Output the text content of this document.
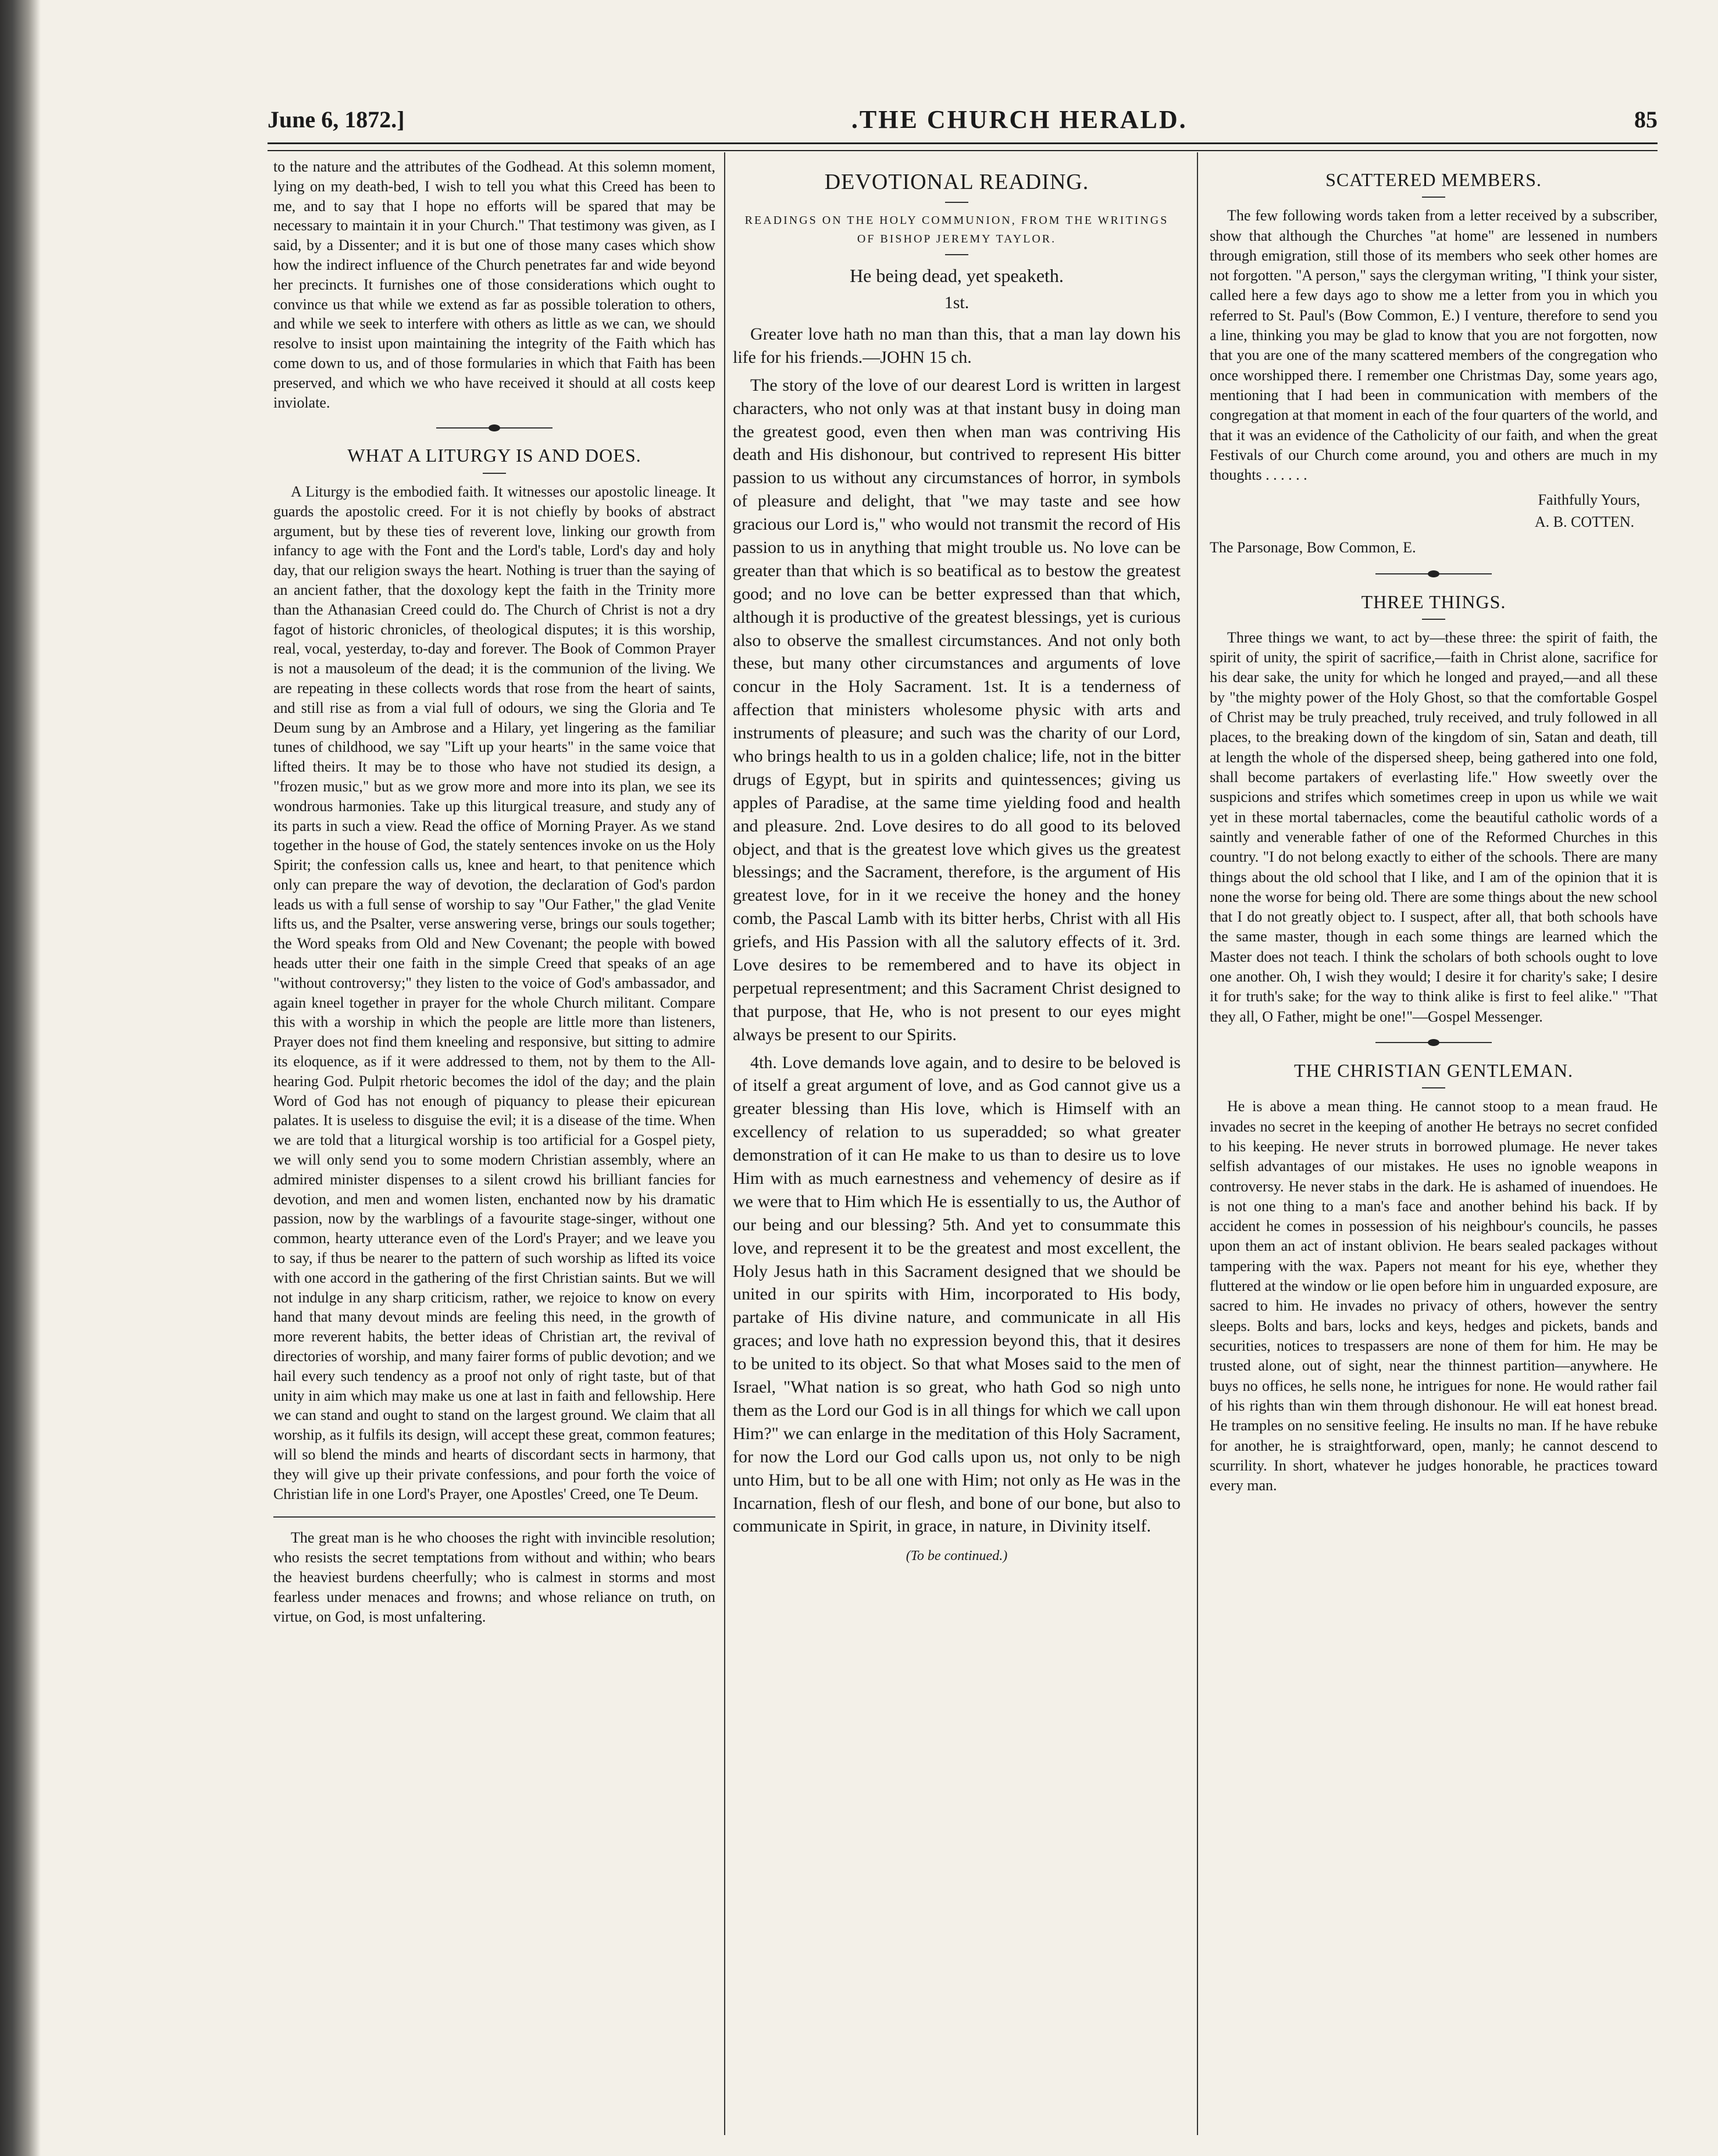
June 6, 1872.]	.THE CHURCH HERALD.	85

to the nature and the attributes of the Godhead. At this solemn moment, lying on my death-bed, I wish to tell you what this Creed has been to me, and to say that I hope no efforts will be spared that may be necessary to maintain it in your Church." That testimony was given, as I said, by a Dissenter; and it is but one of those many cases which show how the indirect influence of the Church penetrates far and wide beyond her precincts. It furnishes one of those considerations which ought to convince us that while we extend as far as possible toleration to others, and while we seek to interfere with others as little as we can, we should resolve to insist upon maintaining the integrity of the Faith which has come down to us, and of those formularies in which that Faith has been preserved, and which we who have received it should at all costs keep inviolate.

WHAT A LITURGY IS AND DOES.

A Liturgy is the embodied faith. It witnesses our apostolic lineage. It guards the apostolic creed. For it is not chiefly by books of abstract argument, but by these ties of reverent love, linking our growth from infancy to age with the Font and the Lord's table, Lord's day and holy day, that our religion sways the heart. Nothing is truer than the saying of an ancient father, that the doxology kept the faith in the Trinity more than the Athanasian Creed could do. The Church of Christ is not a dry fagot of historic chronicles, of theological disputes; it is this worship, real, vocal, yesterday, to-day and forever. The Book of Common Prayer is not a mausoleum of the dead; it is the communion of the living. We are repeating in these collects words that rose from the heart of saints, and still rise as from a vial full of odours, we sing the Gloria and Te Deum sung by an Ambrose and a Hilary, yet lingering as the familiar tunes of childhood, we say "Lift up your hearts" in the same voice that lifted theirs. It may be to those who have not studied its design, a "frozen music," but as we grow more and more into its plan, we see its wondrous harmonies. Take up this liturgical treasure, and study any of its parts in such a view. Read the office of Morning Prayer. As we stand together in the house of God, the stately sentences invoke on us the Holy Spirit; the confession calls us, knee and heart, to that penitence which only can prepare the way of devotion, the declaration of God's pardon leads us with a full sense of worship to say "Our Father," the glad Venite lifts us, and the Psalter, verse answering verse, brings our souls together; the Word speaks from Old and New Covenant; the people with bowed heads utter their one faith in the simple Creed that speaks of an age "without controversy;" they listen to the voice of God's ambassador, and again kneel together in prayer for the whole Church militant. Compare this with a worship in which the people are little more than listeners, Prayer does not find them kneeling and responsive, but sitting to admire its eloquence, as if it were addressed to them, not by them to the All-hearing God. Pulpit rhetoric becomes the idol of the day; and the plain Word of God has not enough of piquancy to please their epicurean palates. It is useless to disguise the evil; it is a disease of the time. When we are told that a liturgical worship is too artificial for a Gospel piety, we will only send you to some modern Christian assembly, where an admired minister dispenses to a silent crowd his brilliant fancies for devotion, and men and women listen, enchanted now by his dramatic passion, now by the warblings of a favourite stage-singer, without one common, hearty utterance even of the Lord's Prayer; and we leave you to say, if thus be nearer to the pattern of such worship as lifted its voice with one accord in the gathering of the first Christian saints. But we will not indulge in any sharp criticism, rather, we rejoice to know on every hand that many devout minds are feeling this need, in the growth of more reverent habits, the better ideas of Christian art, the revival of directories of worship, and many fairer forms of public devotion; and we hail every such tendency as a proof not only of right taste, but of that unity in aim which may make us one at last in faith and fellowship. Here we can stand and ought to stand on the largest ground. We claim that all worship, as it fulfils its design, will accept these great, common features; will so blend the minds and hearts of discordant sects in harmony, that they will give up their private confessions, and pour forth the voice of Christian life in one Lord's Prayer, one Apostles' Creed, one Te Deum.

The great man is he who chooses the right with invincible resolution; who resists the secret temptations from without and within; who bears the heaviest burdens cheerfully; who is calmest in storms and most fearless under menaces and frowns; and whose reliance on truth, on virtue, on God, is most unfaltering.

DEVOTIONAL READING.
READINGS ON THE HOLY COMMUNION, FROM THE WRITINGS OF BISHOP JEREMY TAYLOR.
He being dead, yet speaketh.
1st.

Greater love hath no man than this, that a man lay down his life for his friends.—JOHN 15 ch.

The story of the love of our dearest Lord is written in largest characters, who not only was at that instant busy in doing man the greatest good, even then when man was contriving His death and His dishonour, but contrived to represent His bitter passion to us without any circumstances of horror, in symbols of pleasure and delight, that "we may taste and see how gracious our Lord is," who would not transmit the record of His passion to us in anything that might trouble us. No love can be greater than that which is so beatifical as to bestow the greatest good; and no love can be better expressed than that which, although it is productive of the greatest blessings, yet is curious also to observe the smallest circumstances. And not only both these, but many other circumstances and arguments of love concur in the Holy Sacrament. 1st. It is a tenderness of affection that ministers wholesome physic with arts and instruments of pleasure; and such was the charity of our Lord, who brings health to us in a golden chalice; life, not in the bitter drugs of Egypt, but in spirits and quintessences; giving us apples of Paradise, at the same time yielding food and health and pleasure. 2nd. Love desires to do all good to its beloved object, and that is the greatest love which gives us the greatest blessings; and the Sacrament, therefore, is the argument of His greatest love, for in it we receive the honey and the honey comb, the Pascal Lamb with its bitter herbs, Christ with all His griefs, and His Passion with all the salutory effects of it. 3rd. Love desires to be remembered and to have its object in perpetual representment; and this Sacrament Christ designed to that purpose, that He, who is not present to our eyes might always be present to our Spirits.

4th. Love demands love again, and to desire to be beloved is of itself a great argument of love, and as God cannot give us a greater blessing than His love, which is Himself with an excellency of relation to us superadded; so what greater demonstration of it can He make to us than to desire us to love Him with as much earnestness and vehemency of desire as if we were that to Him which He is essentially to us, the Author of our being and our blessing? 5th. And yet to consummate this love, and represent it to be the greatest and most excellent, the Holy Jesus hath in this Sacrament designed that we should be united in our spirits with Him, incorporated to His body, partake of His divine nature, and communicate in all His graces; and love hath no expression beyond this, that it desires to be united to its object. So that what Moses said to the men of Israel, "What nation is so great, who hath God so nigh unto them as the Lord our God is in all things for which we call upon Him?" we can enlarge in the meditation of this Holy Sacrament, for now the Lord our God calls upon us, not only to be nigh unto Him, but to be all one with Him; not only as He was in the Incarnation, flesh of our flesh, and bone of our bone, but also to communicate in Spirit, in grace, in nature, in Divinity itself.

(To be continued.)
SCATTERED MEMBERS.

The few following words taken from a letter received by a subscriber, show that although the Churches "at home" are lessened in numbers through emigration, still those of its members who seek other homes are not forgotten. "A person," says the clergyman writing, "I think your sister, called here a few days ago to show me a letter from you in which you referred to St. Paul's (Bow Common, E.) I venture, therefore to send you a line, thinking you may be glad to know that you are not forgotten, now that you are one of the many scattered members of the congregation who once worshipped there. I remember one Christmas Day, some years ago, mentioning that I had been in communication with members of the congregation at that moment in each of the four quarters of the world, and that it was an evidence of the Catholicity of our faith, and when the great Festivals of our Church come around, you and others are much in my thoughts . . . . . .

Faithfully Yours,
A. B. COTTEN.

The Parsonage, Bow Common, E.

THREE THINGS.

Three things we want, to act by—these three: the spirit of faith, the spirit of unity, the spirit of sacrifice,—faith in Christ alone, sacrifice for his dear sake, the unity for which he longed and prayed,—and all these by "the mighty power of the Holy Ghost, so that the comfortable Gospel of Christ may be truly preached, truly received, and truly followed in all places, to the breaking down of the kingdom of sin, Satan and death, till at length the whole of the dispersed sheep, being gathered into one fold, shall become partakers of everlasting life." How sweetly over the suspicions and strifes which sometimes creep in upon us while we wait yet in these mortal tabernacles, come the beautiful catholic words of a saintly and venerable father of one of the Reformed Churches in this country. "I do not belong exactly to either of the schools. There are many things about the old school that I like, and I am of the opinion that it is none the worse for being old. There are some things about the new school that I do not greatly object to. I suspect, after all, that both schools have the same master, though in each some things are learned which the Master does not teach. I think the scholars of both schools ought to love one another. Oh, I wish they would; I desire it for charity's sake; I desire it for truth's sake; for the way to think alike is first to feel alike." "That they all, O Father, might be one!"—Gospel Messenger.

THE CHRISTIAN GENTLEMAN.

He is above a mean thing. He cannot stoop to a mean fraud. He invades no secret in the keeping of another He betrays no secret confided to his keeping. He never struts in borrowed plumage. He never takes selfish advantages of our mistakes. He uses no ignoble weapons in controversy. He never stabs in the dark. He is ashamed of inuendoes. He is not one thing to a man's face and another behind his back. If by accident he comes in possession of his neighbour's councils, he passes upon them an act of instant oblivion. He bears sealed packages without tampering with the wax. Papers not meant for his eye, whether they fluttered at the window or lie open before him in unguarded exposure, are sacred to him. He invades no privacy of others, however the sentry sleeps. Bolts and bars, locks and keys, hedges and pickets, bands and securities, notices to trespassers are none of them for him. He may be trusted alone, out of sight, near the thinnest partition—anywhere. He buys no offices, he sells none, he intrigues for none. He would rather fail of his rights than win them through dishonour. He will eat honest bread. He tramples on no sensitive feeling. He insults no man. If he have rebuke for another, he is straightforward, open, manly; he cannot descend to scurrility. In short, whatever he judges honorable, he practices toward every man.
